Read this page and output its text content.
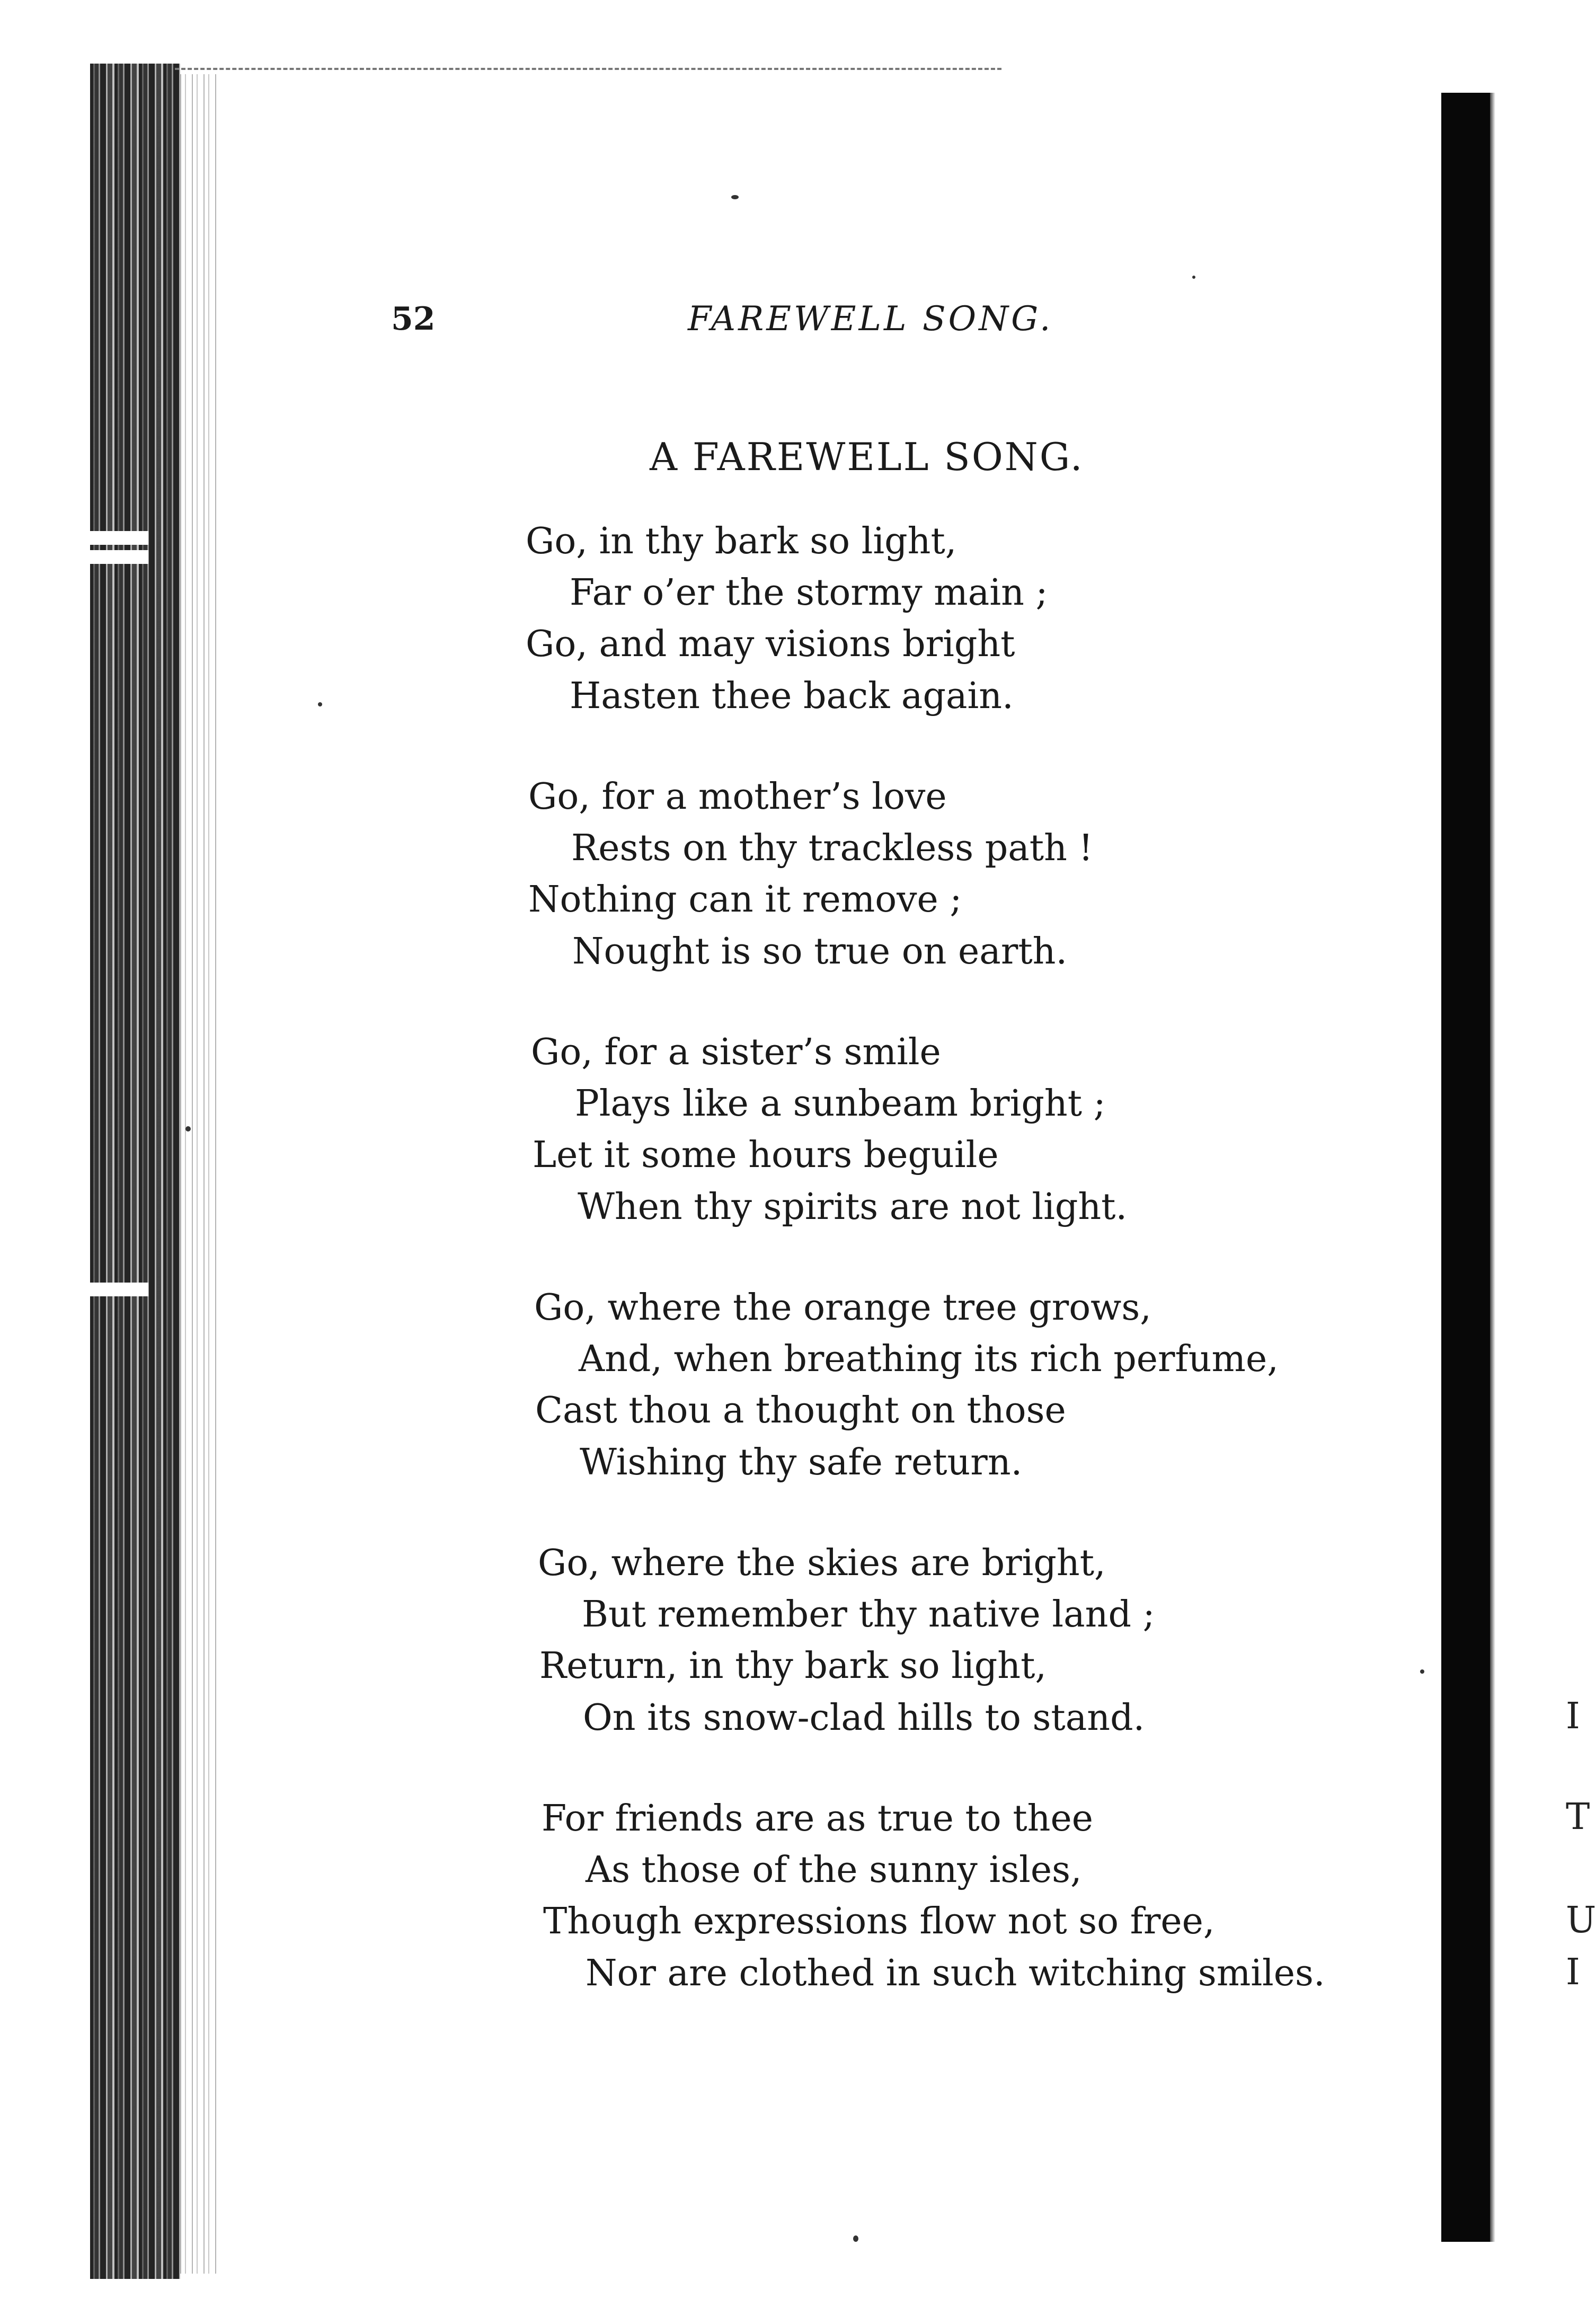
52	FAREWELL SONG.
A FAREWELL SONG.
Go, in thy bark so light,
Far o’er the stormy main ;
Go, and may visions bright
Hasten thee back again.
Go, for a mother’s love
Rests on thy trackless path !
Nothing can it remove ;
Nought is so true on earth.
Go, for a sister’s smile
Plays like a sunbeam bright ;
Let it some hours beguile
When thy spirits are not light.
Go, where the orange tree grows,
And, when breathing its rich perfume,
Cast thou a thought on those
Wishing thy safe return.
Go, where the skies are bright,
But remember thy native land ;
Return, in thy bark so light,
On its snow-clad hills to stand.
For friends are as true to thee
As those of the sunny isles,
Though expressions flow not so free,
Nor are clothed in such witching smiles.
I
T
U
I
